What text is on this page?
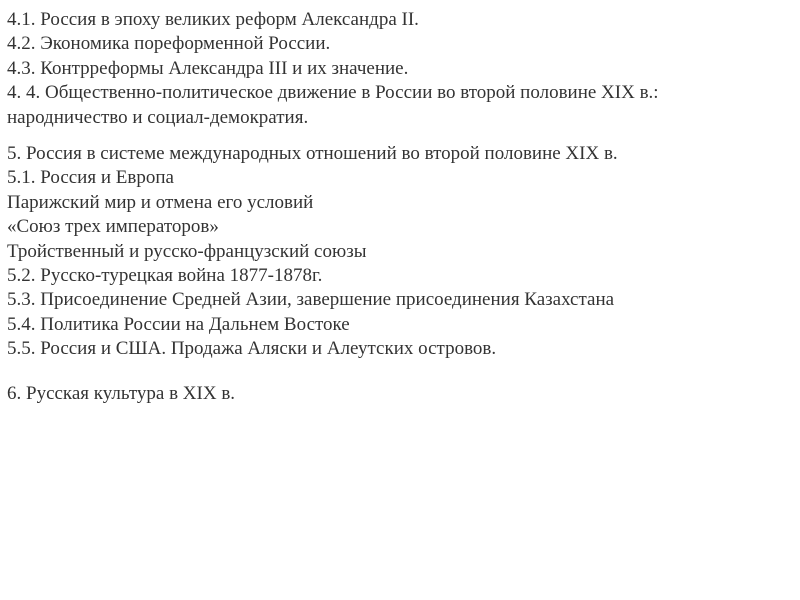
4.1. Россия в эпоху великих реформ Александра II.

4.2. Экономика пореформенной России.

4.3. Контрреформы Александра III и их значение.

4. 4. Общественно-политическое движение в России во второй половине XIX в.: народничество и социал-демократия.

5. Россия в системе международных отношений во второй половине XIX в.

5.1. Россия и Европа

Парижский мир и отмена его условий

«Союз трех императоров»

Тройственный и русско-французский союзы

5.2. Русско-турецкая война 1877-1878г.

5.3. Присоединение Средней Азии, завершение присоединения Казахстана

5.4. Политика России на Дальнем Востоке

5.5. Россия и США. Продажа Аляски и Алеутских островов.

6. Русская культура в XIX в.
